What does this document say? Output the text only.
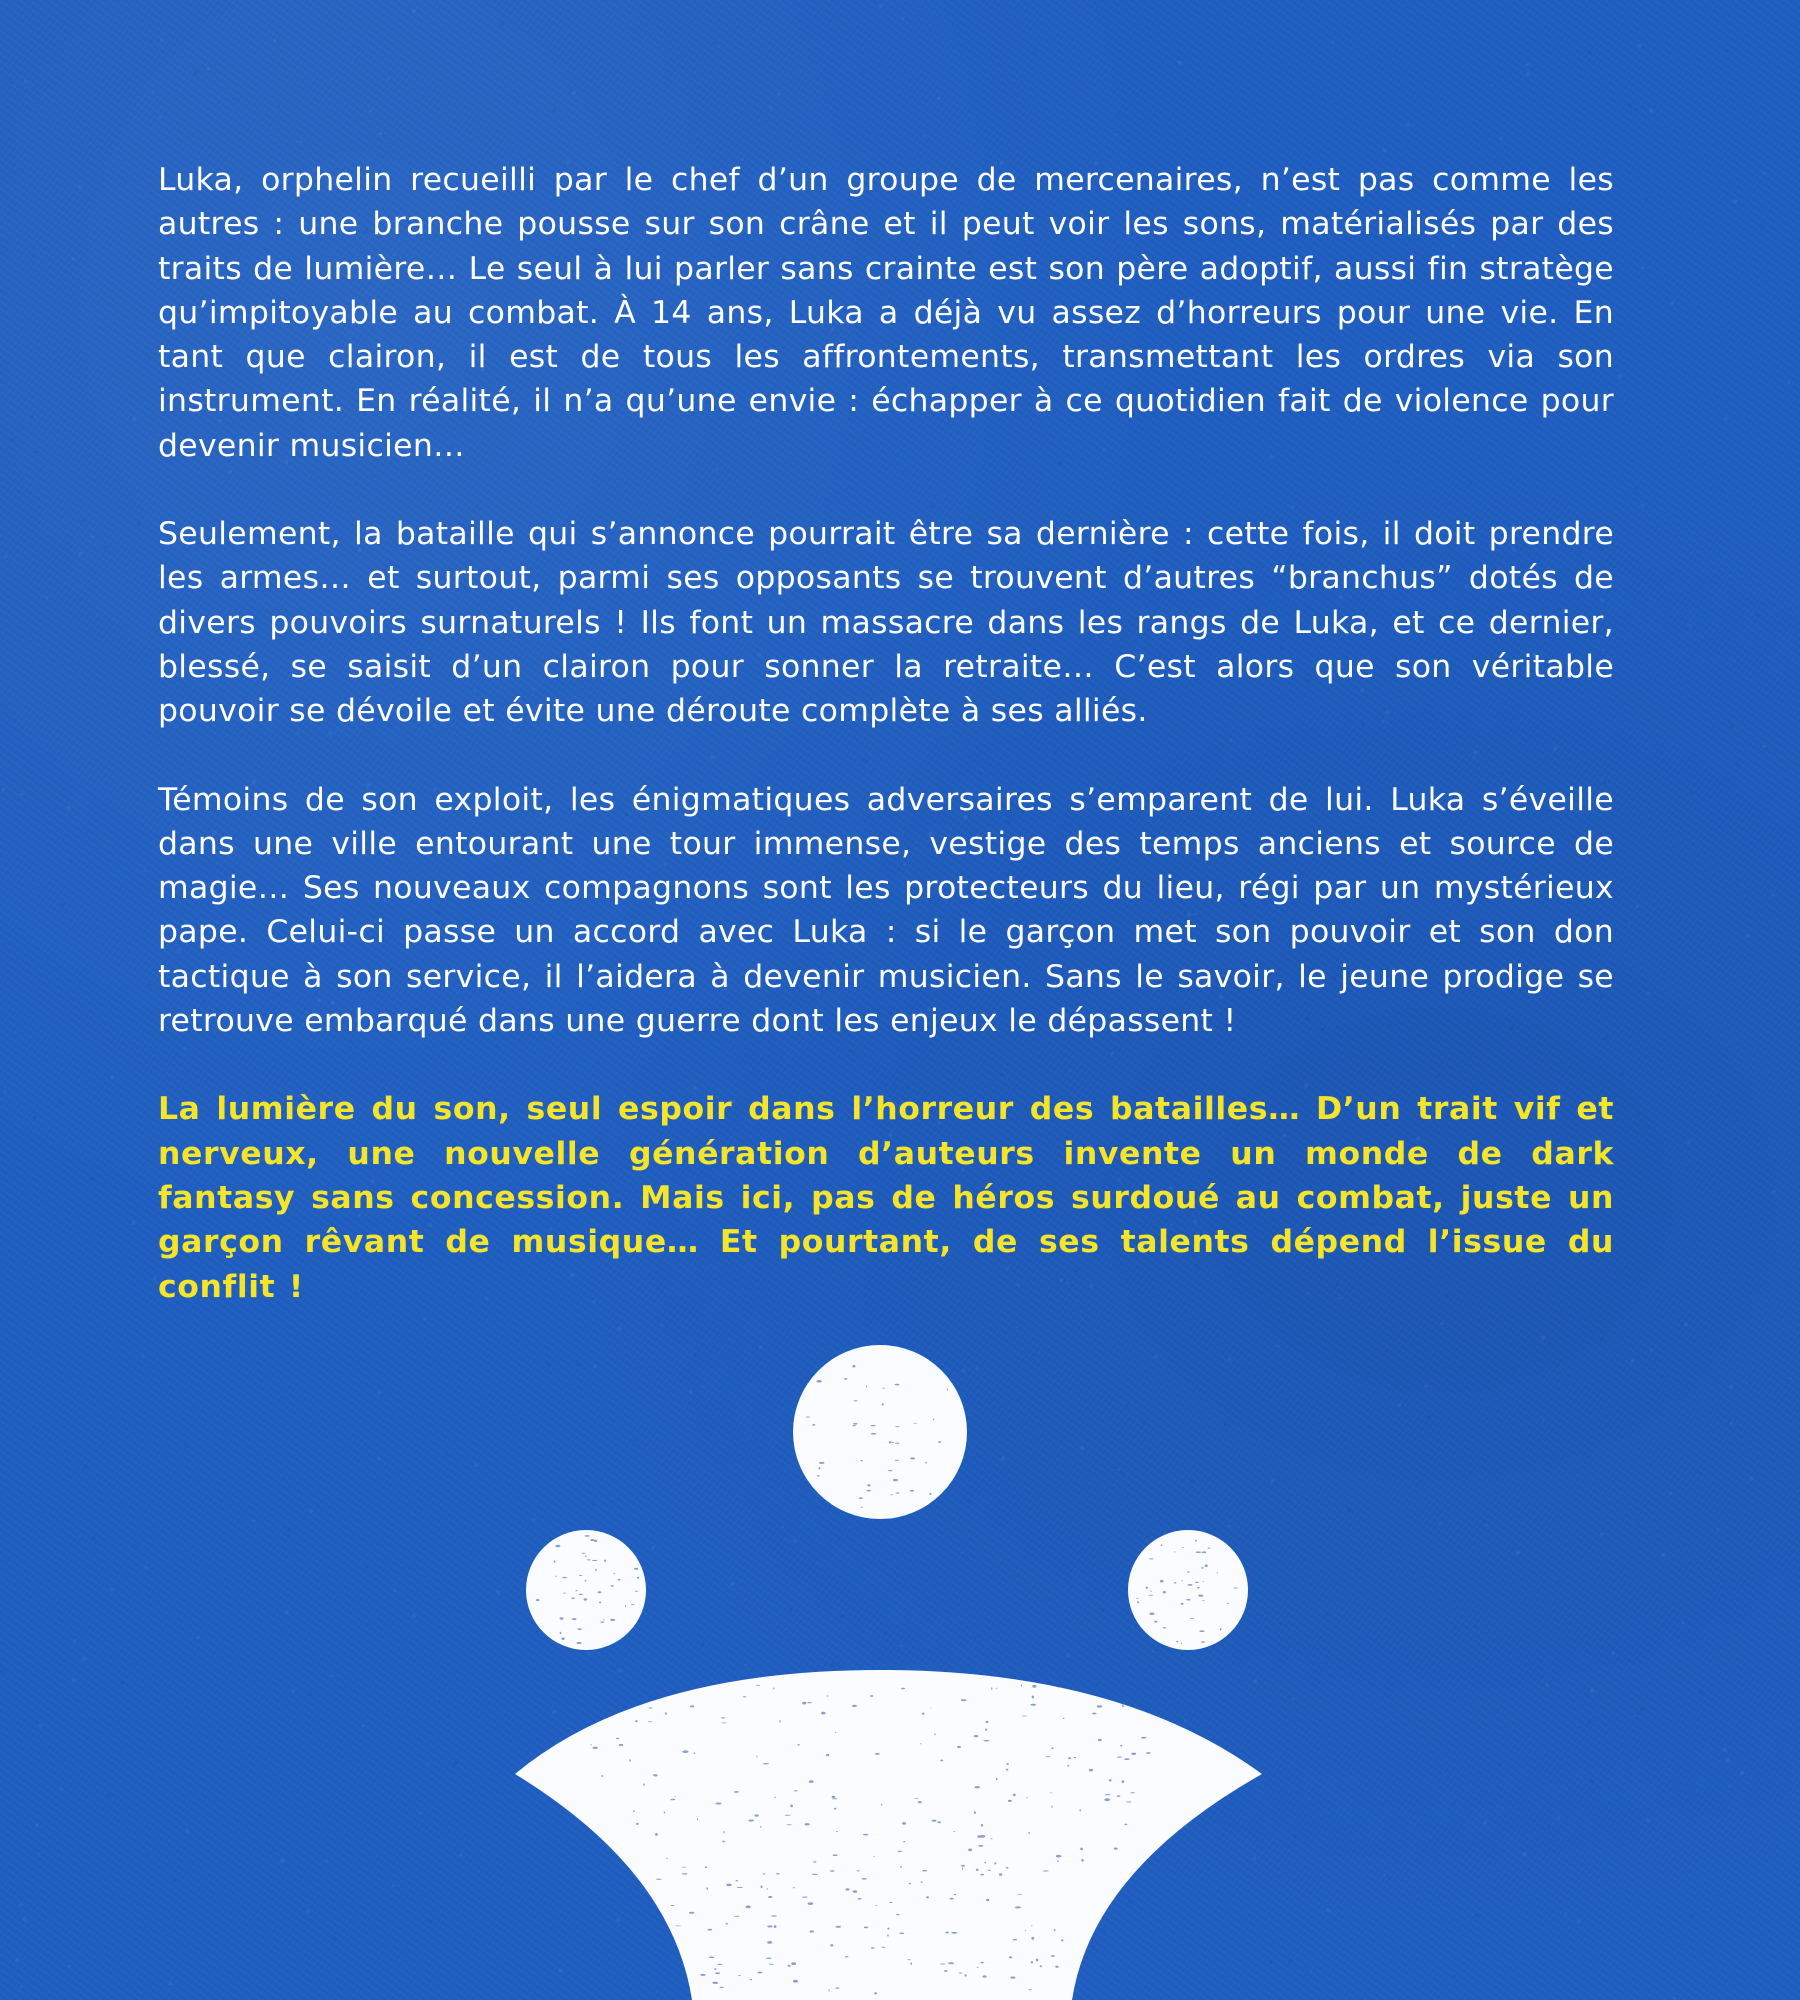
Luka, orphelin recueilli par le chef d’un groupe de mercenaires, n’est pas comme les autres : une branche pousse sur son crâne et il peut voir les sons, matérialisés par des traits de lumière… Le seul à lui parler sans crainte est son père adoptif, aussi fin stratège qu’impitoyable au combat. À 14 ans, Luka a déjà vu assez d’horreurs pour une vie. En tant que clairon, il est de tous les affrontements, transmettant les ordres via son instrument. En réalité, il n’a qu’une envie : échapper à ce quotidien fait de violence pour devenir musicien…

Seulement, la bataille qui s’annonce pourrait être sa dernière : cette fois, il doit prendre les armes… et surtout, parmi ses opposants se trouvent d’autres “branchus” dotés de divers pouvoirs surnaturels ! Ils font un massacre dans les rangs de Luka, et ce dernier, blessé, se saisit d’un clairon pour sonner la retraite… C’est alors que son véritable pouvoir se dévoile et évite une déroute complète à ses alliés.

Témoins de son exploit, les énigmatiques adversaires s’emparent de lui. Luka s’éveille dans une ville entourant une tour immense, vestige des temps anciens et source de magie… Ses nouveaux compagnons sont les protecteurs du lieu, régi par un mystérieux pape. Celui-ci passe un accord avec Luka : si le garçon met son pouvoir et son don tactique à son service, il l’aidera à devenir musicien. Sans le savoir, le jeune prodige se retrouve embarqué dans une guerre dont les enjeux le dépassent !

La lumière du son, seul espoir dans l’horreur des batailles… D’un trait vif et nerveux, une nouvelle génération d’auteurs invente un monde de dark fantasy sans concession. Mais ici, pas de héros surdoué au combat, juste un garçon rêvant de musique… Et pourtant, de ses talents dépend l’issue du conflit !
